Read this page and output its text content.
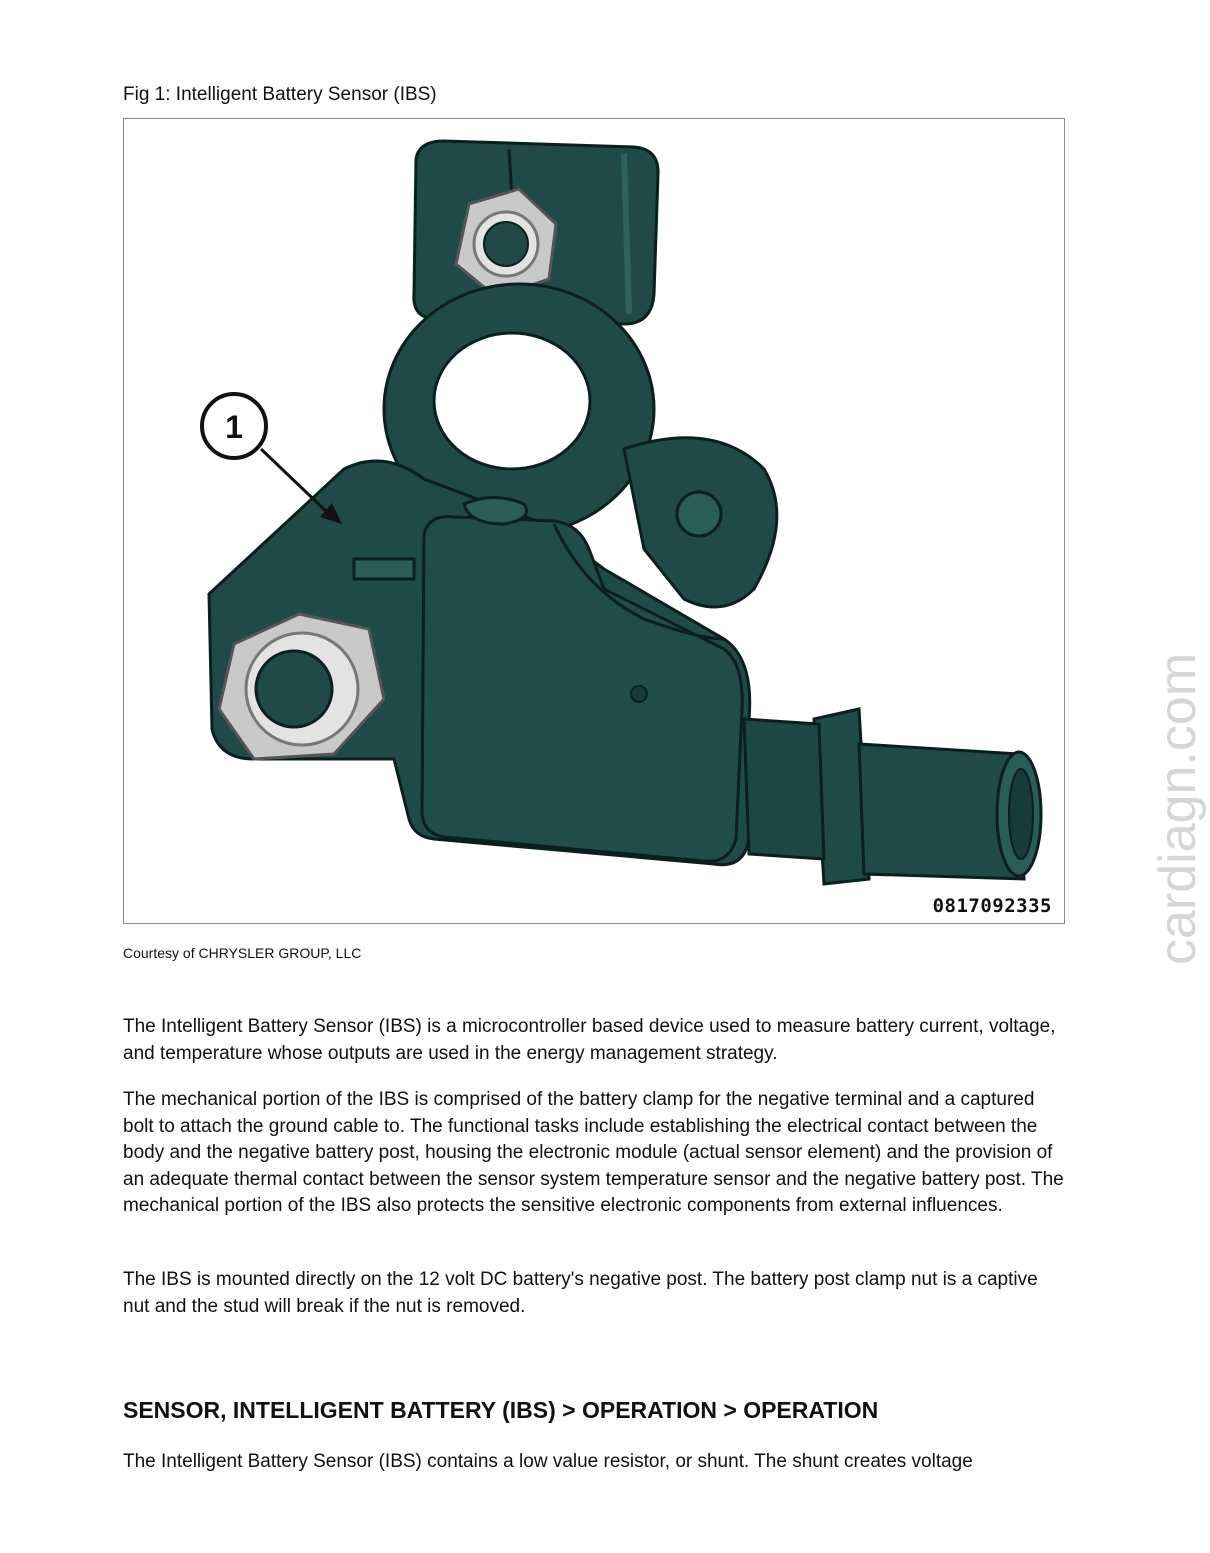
Fig 1: Intelligent Battery Sensor (IBS)
1
0817092335
Courtesy of CHRYSLER GROUP, LLC	cardiagn.com

The Intelligent Battery Sensor (IBS) is a microcontroller based device used to measure battery current, voltage, and temperature whose outputs are used in the energy management strategy.

The mechanical portion of the IBS is comprised of the battery clamp for the negative terminal and a captured bolt to attach the ground cable to. The functional tasks include establishing the electrical contact between the body and the negative battery post, housing the electronic module (actual sensor element) and the provision of an adequate thermal contact between the sensor system temperature sensor and the negative battery post. The mechanical portion of the IBS also protects the sensitive electronic components from external influences.

The IBS is mounted directly on the 12 volt DC battery's negative post. The battery post clamp nut is a captive nut and the stud will break if the nut is removed.

SENSOR, INTELLIGENT BATTERY (IBS) > OPERATION > OPERATION

The Intelligent Battery Sensor (IBS) contains a low value resistor, or shunt. The shunt creates voltage
